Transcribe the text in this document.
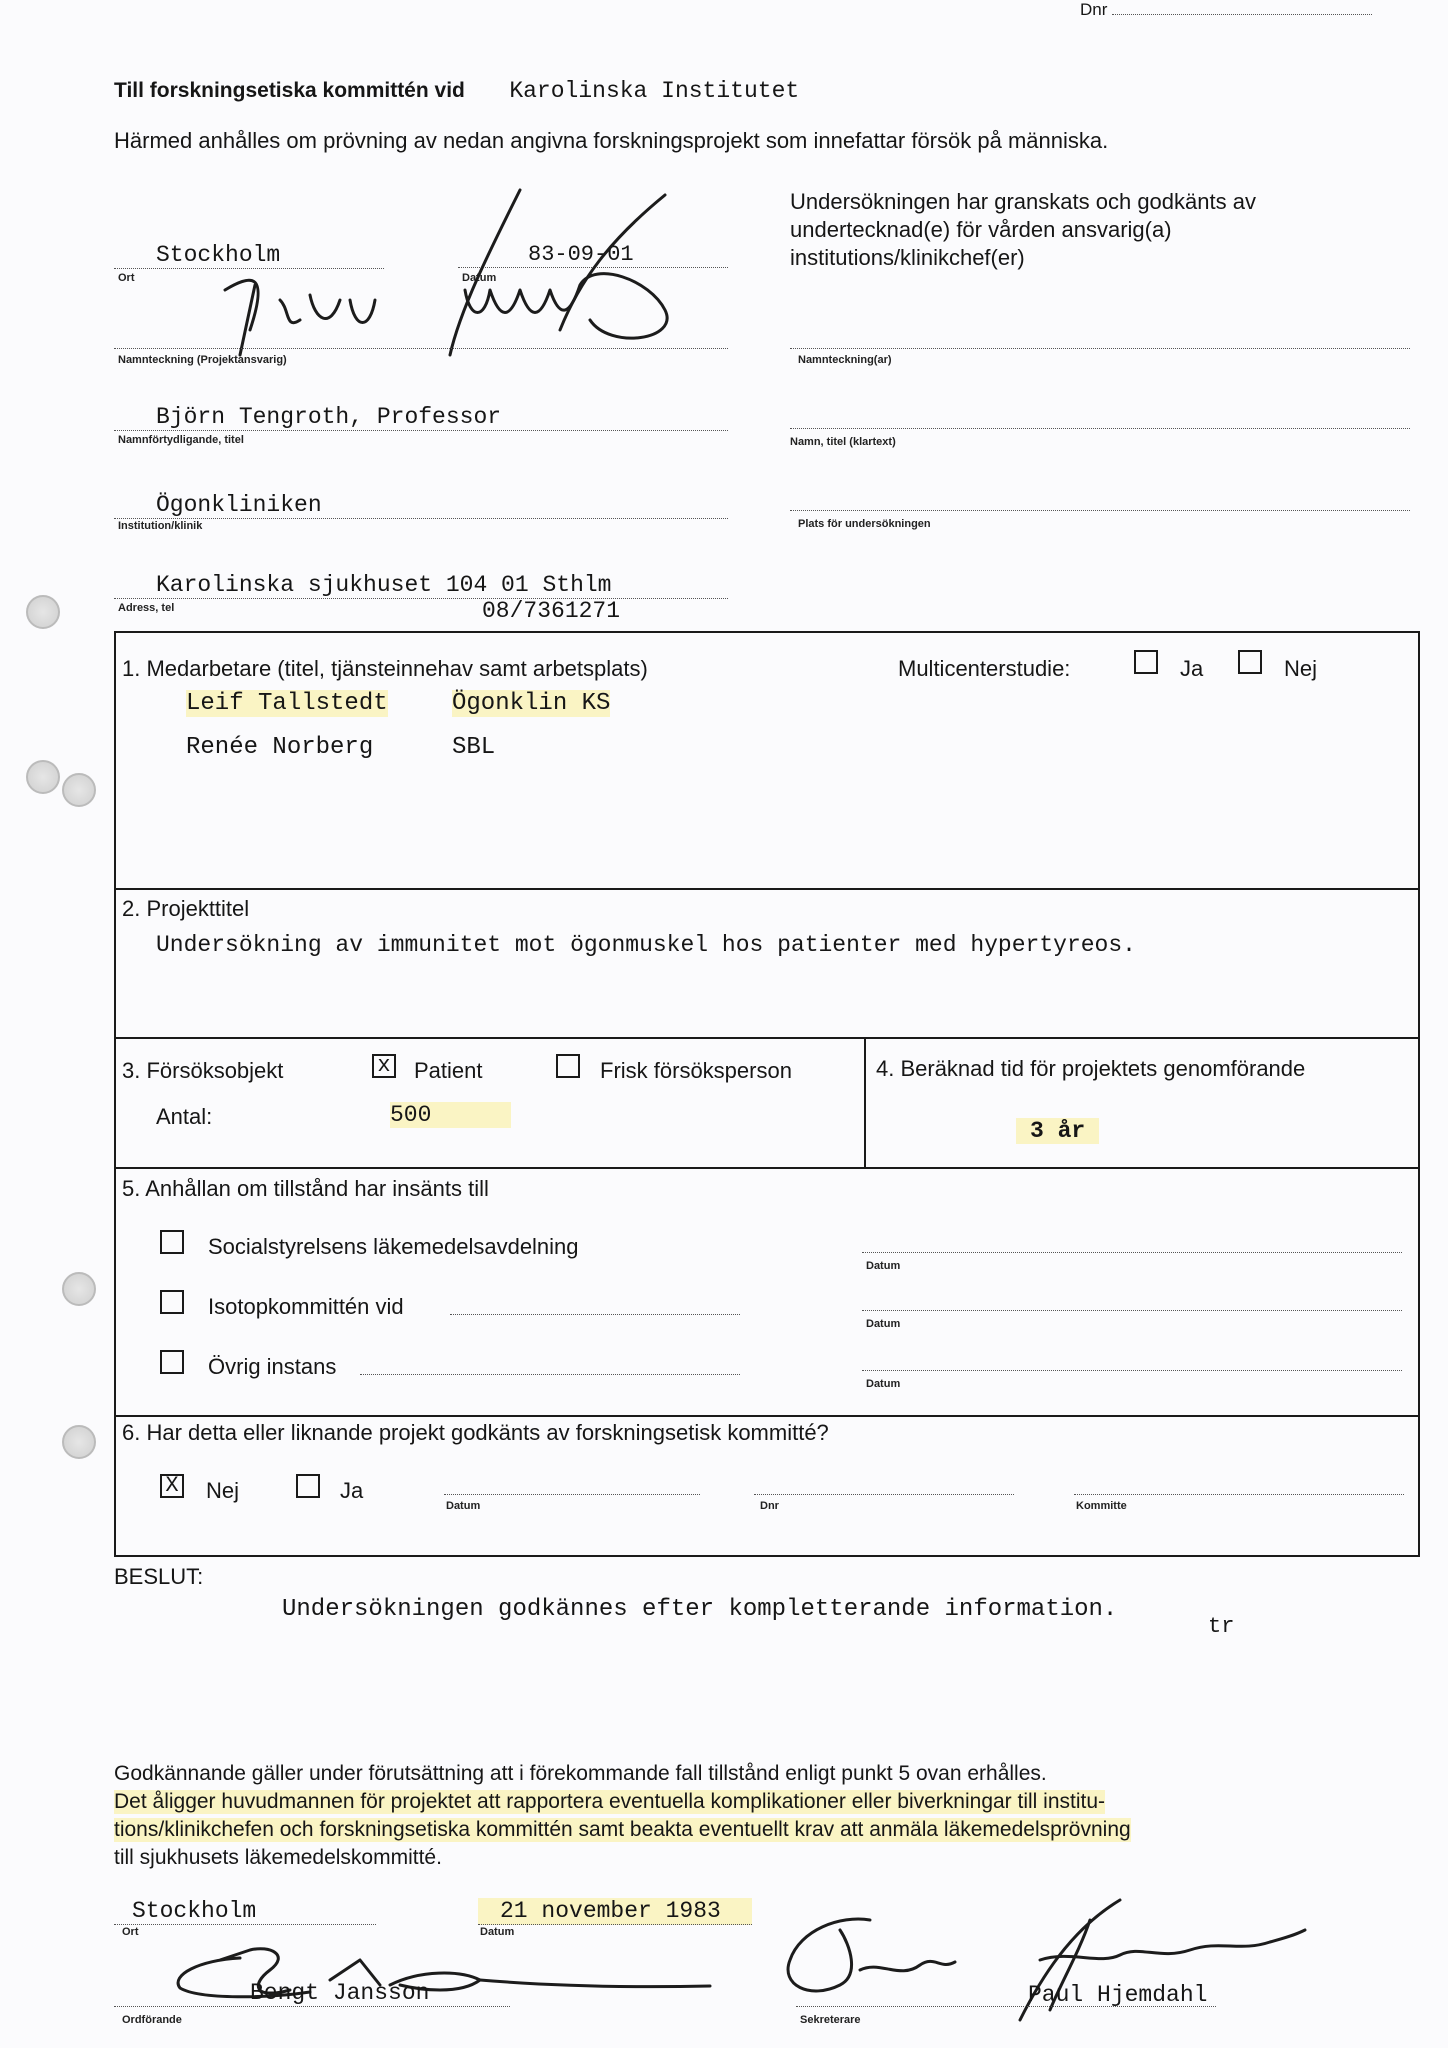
Dnr
Till forskningsetiska kommittén vid Karolinska Institutet
Härmed anhålles om prövning av nedan angivna forskningsprojekt som innefattar försök på människa.
Stockholm
Ort
83-09-01
Datum
Namnteckning (Projektansvarig)
Björn Tengroth, Professor
Namnförtydligande, titel
Ögonkliniken
Institution/klinik
Karolinska sjukhuset 104 01 Sthlm
Adress, tel	08/7361271
Undersökningen har granskats och godkänts av undertecknad(e) för vården ansvarig(a) institutions/klinikchef(er)
Namnteckning(ar)
Namn, titel (klartext)
Plats för undersökningen
1. Medarbetare (titel, tjänsteinnehav samt arbetsplats)	Multicenterstudie:	Ja	Nej
Leif Tallstedt	Ögonklin KS
Renée Norberg	SBL
2. Projekttitel
Undersökning av immunitet mot ögonmuskel hos patienter med hypertyreos.
3. Försöksobjekt	x Patient	Frisk försöksperson
Antal:	500
4. Beräknad tid för projektets genomförande
3 år
5. Anhållan om tillstånd har insänts till
Socialstyrelsens läkemedelsavdelning
Isotopkommittén vid
Övrig instans
Datum
Datum
Datum
6. Har detta eller liknande projekt godkänts av forskningsetisk kommitté?
X Nej	Ja
Datum	Dnr	Kommitte
BESLUT:
Undersökningen godkännes efter kompletterande information.
tr
Godkännande gäller under förutsättning att i förekommande fall tillstånd enligt punkt 5 ovan erhålles.
Det åligger huvudmannen för projektet att rapportera eventuella komplikationer eller biverkningar till institu-
tions/klinikchefen och forskningsetiska kommittén samt beakta eventuellt krav att anmäla läkemedelsprövning
till sjukhusets läkemedelskommitté.
Stockholm
Ort
21 november 1983
Datum
Ordförande
Bengt Jansson
Sekreterare
Paul Hjemdahl
